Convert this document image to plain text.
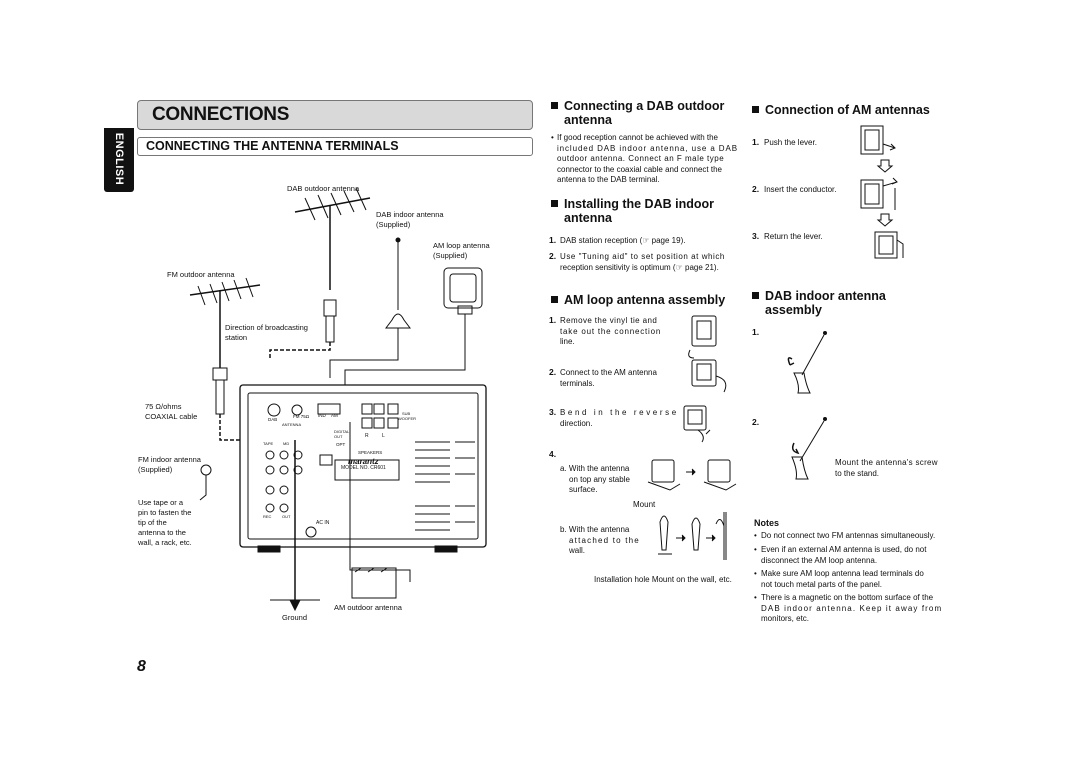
CONNECTIONS
CONNECTING THE ANTENNA TERMINALS
ENGLISH
DAB outdoor antenna
DAB indoor antenna
(Supplied)
AM loop antenna
(Supplied)
FM outdoor antenna
Direction of broadcasting
station
75 Ω/ohms
COAXIAL cable
FM indoor antenna
(Supplied)
Use tape or a
pin to fasten the
tip of the
antenna to the
wall, a rack, etc.
AM outdoor antenna
Ground
DAB
FM 75Ω IND AM
ANTENNA
SUB
WOOFER
DIGITAL OUT	R	L
OPT
TAPE MD
SPEAKERS
marantz
MODEL NO. CR601
REC	OUT
AC IN
Connecting a DAB outdoor
antenna
• If good reception cannot be achieved with the
included DAB indoor antenna, use a DAB
outdoor antenna. Connect an F male type
connector to the coaxial cable and connect the
antenna to the DAB terminal.
Installing the DAB indoor
antenna
1. DAB station reception (☞ page 19).
2. Use "Tuning aid" to set position at which
reception sensitivity is optimum (☞ page 21).
AM loop antenna assembly
1. Remove the vinyl tie and
take out the connection
line.
2. Connect to the AM antenna
terminals.
3. Bend in the reverse
direction.
4.
a. With the antenna
on top any stable
surface.
Mount
b. With the antenna
attached to the
wall.
Installation hole Mount on the wall, etc.
Connection of AM antennas
1. Push the lever.
2. Insert the conductor.
3. Return the lever.
DAB indoor antenna
assembly
1.
2.
Mount the antenna's screw
to the stand.
Notes
• Do not connect two FM antennas simultaneously.
• Even if an external AM antenna is used, do not
disconnect the AM loop antenna.
• Make sure AM loop antenna lead terminals do
not touch metal parts of the panel.
• There is a magnetic on the bottom surface of the
DAB indoor antenna. Keep it away from
monitors, etc.
8
